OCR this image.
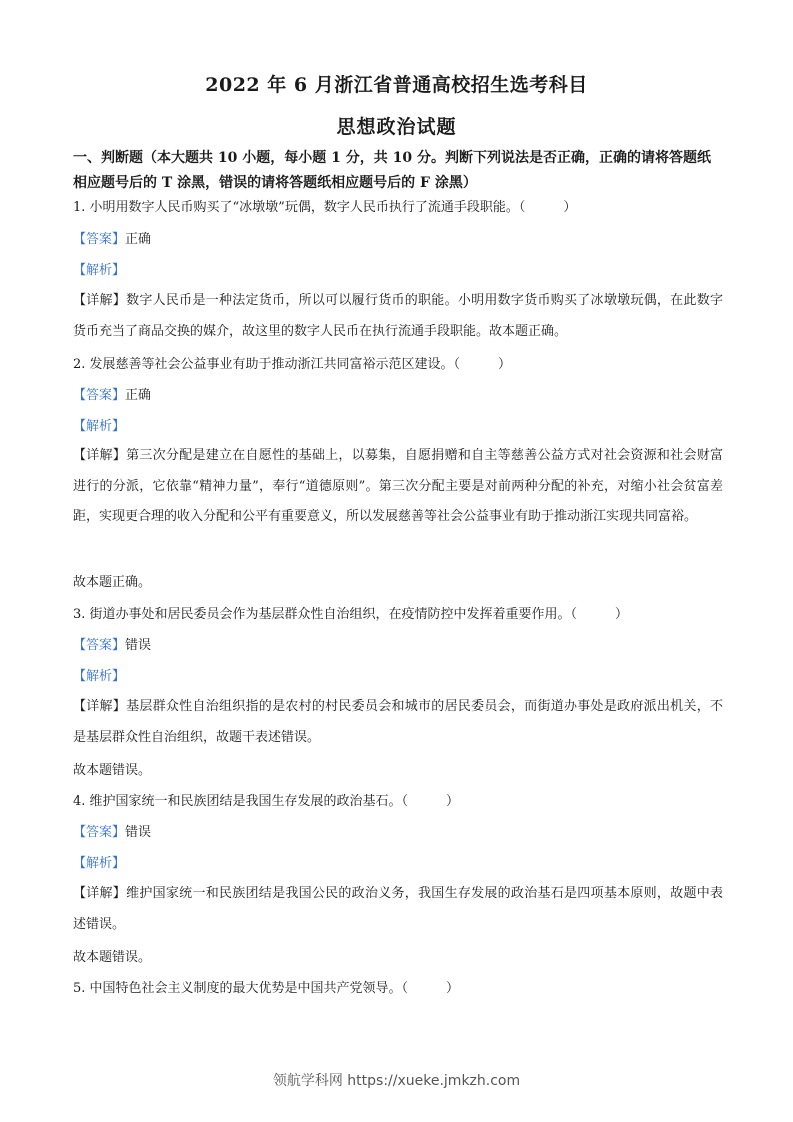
2022 年 6 月浙江省普通高校招生选考科目
思想政治试题
一、判断题（本大题共 10 小题，每小题 1 分，共 10 分。判断下列说法是否正确，正确的请将答题纸相应题号后的 T 涂黑，错误的请将答题纸相应题号后的 F 涂黑）
1. 小明用数字人民币购买了“冰墩墩”玩偶，数字人民币执行了流通手段职能。（	）
【答案】正确
【解析】
【详解】数字人民币是一种法定货币，所以可以履行货币的职能。小明用数字货币购买了冰墩墩玩偶，在此数字货币充当了商品交换的媒介，故这里的数字人民币在执行流通手段职能。故本题正确。
2. 发展慈善等社会公益事业有助于推动浙江共同富裕示范区建设。（	）
【答案】正确
【解析】
【详解】第三次分配是建立在自愿性的基础上，以募集，自愿捐赠和自主等慈善公益方式对社会资源和社会财富进行的分派，它依靠“精神力量”，奉行“道德原则”。第三次分配主要是对前两种分配的补充，对缩小社会贫富差距，实现更合理的收入分配和公平有重要意义，所以发展慈善等社会公益事业有助于推动浙江实现共同富裕。
故本题正确。
3. 街道办事处和居民委员会作为基层群众性自治组织，在疫情防控中发挥着重要作用。（	）
【答案】错误
【解析】
【详解】基层群众性自治组织指的是农村的村民委员会和城市的居民委员会，而街道办事处是政府派出机关，不是基层群众性自治组织，故题干表述错误。
故本题错误。
4. 维护国家统一和民族团结是我国生存发展的政治基石。（	）
【答案】错误
【解析】
【详解】维护国家统一和民族团结是我国公民的政治义务，我国生存发展的政治基石是四项基本原则，故题中表述错误。
故本题错误。
5. 中国特色社会主义制度的最大优势是中国共产党领导。（	）
领航学科网 https://xueke.jmkzh.com
